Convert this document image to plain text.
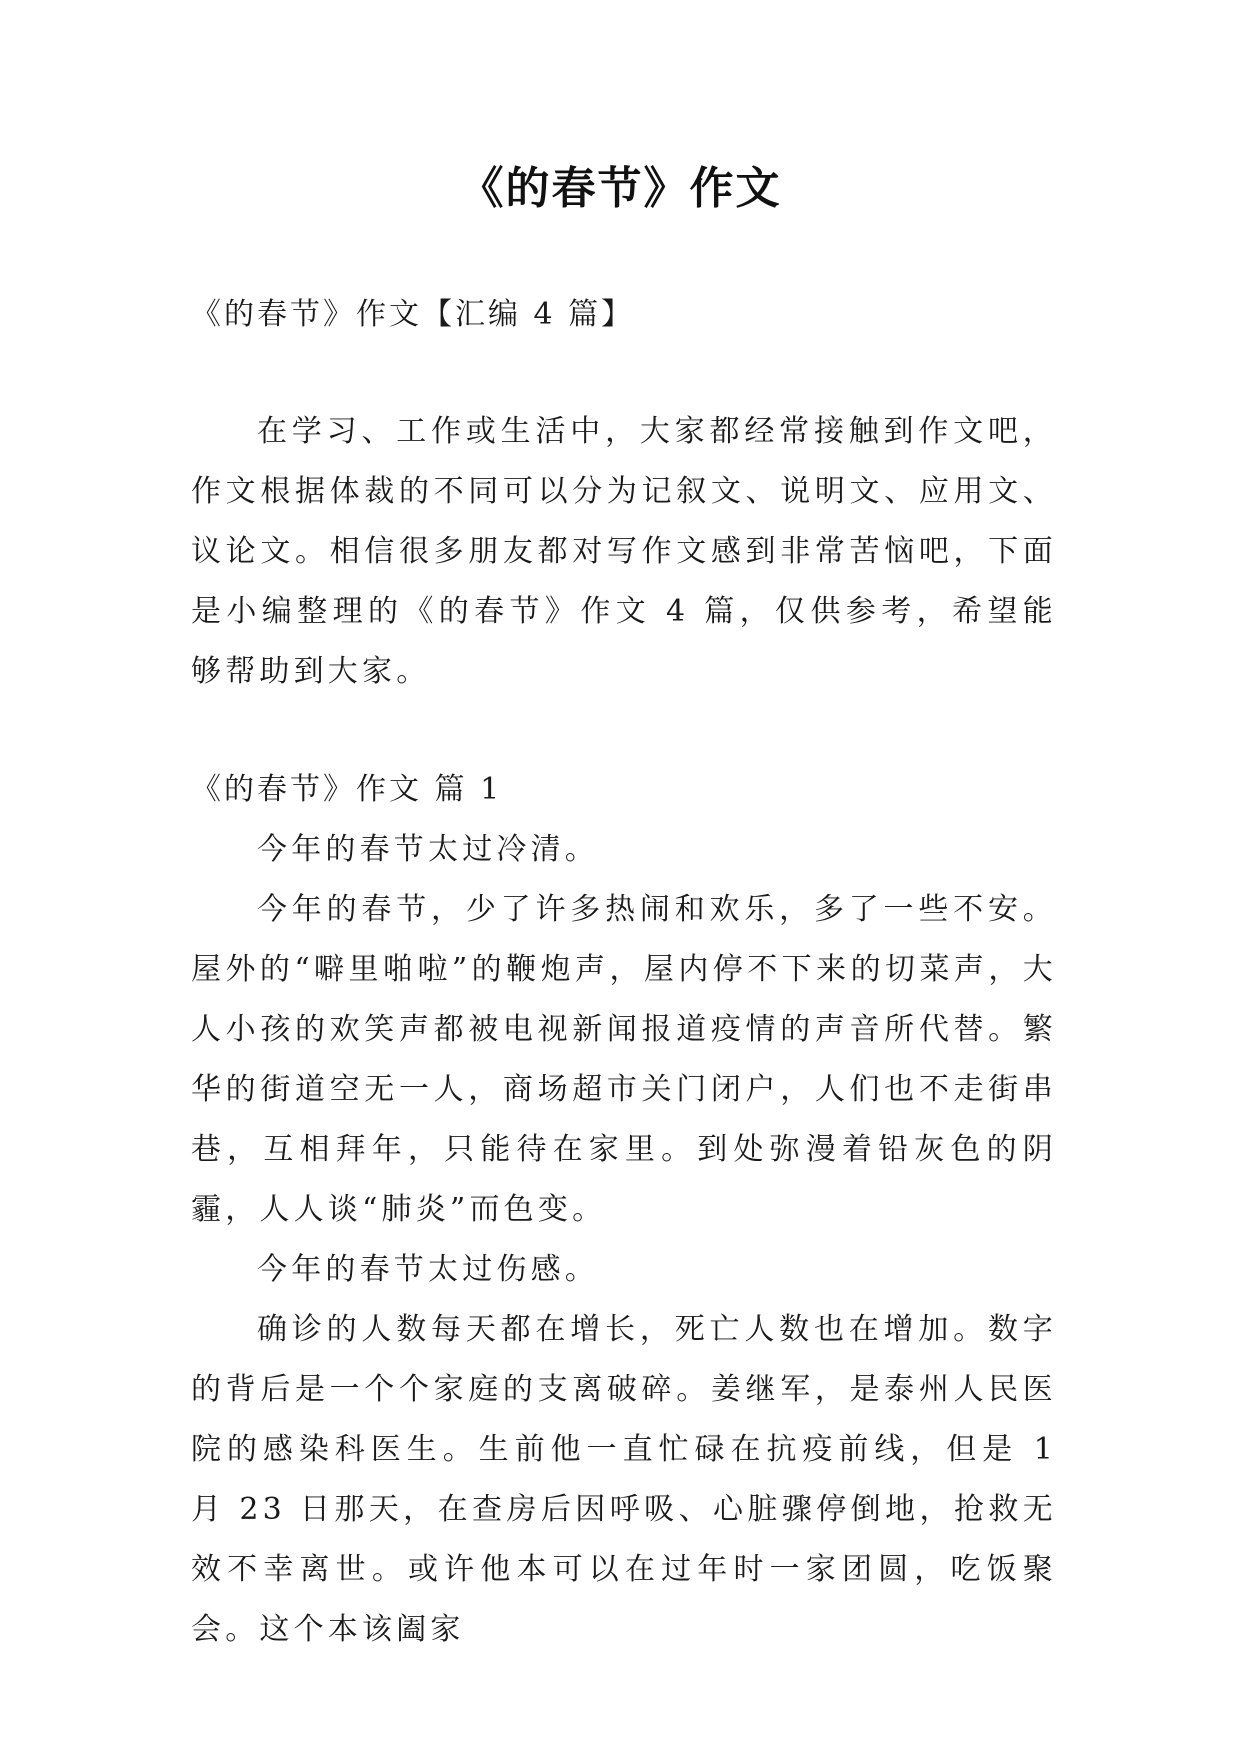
《的春节》作文
《的春节》作文【汇编 4 篇】
在学习、工作或生活中，大家都经常接触到作文吧，作文根据体裁的不同可以分为记叙文、说明文、应用文、议论文。相信很多朋友都对写作文感到非常苦恼吧，下面是小编整理的《的春节》作文 4 篇，仅供参考，希望能够帮助到大家。
《的春节》作文 篇 1

今年的春节太过冷清。

今年的春节，少了许多热闹和欢乐，多了一些不安。屋外的“噼里啪啦”的鞭炮声，屋内停不下来的切菜声，大人小孩的欢笑声都被电视新闻报道疫情的声音所代替。繁华的街道空无一人，商场超市关门闭户，人们也不走街串巷，互相拜年，只能待在家里。到处弥漫着铅灰色的阴霾，人人谈“肺炎”而色变。

今年的春节太过伤感。

确诊的人数每天都在增长，死亡人数也在增加。数字的背后是一个个家庭的支离破碎。姜继军，是泰州人民医院的感染科医生。生前他一直忙碌在抗疫前线，但是 1 月 23 日那天，在查房后因呼吸、心脏骤停倒地，抢救无效不幸离世。或许他本可以在过年时一家团圆，吃饭聚会。这个本该阖家
